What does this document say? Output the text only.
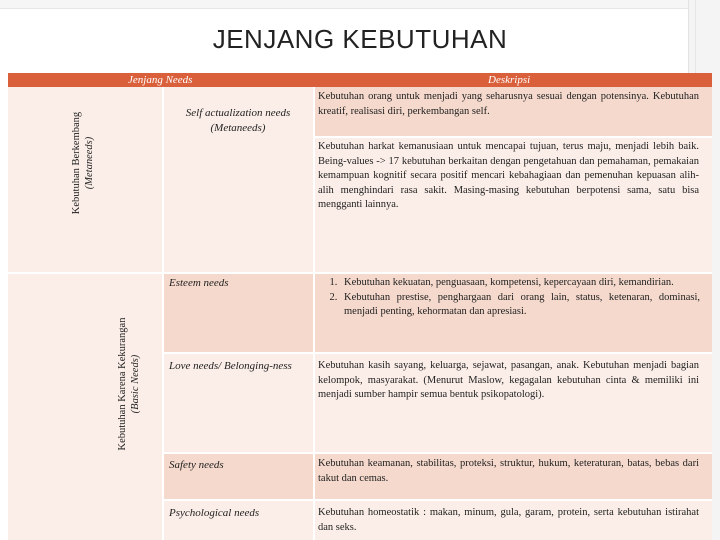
JENJANG KEBUTUHAN
Jenjang Needs	Deskripsi
Kebutuhan Berkembang (Metaneeds)
Kebutuhan Karena Kekurangan (Basic Needs)
Self actualization needs (Metaneeds)
Esteem needs
Love needs/ Belonging-ness
Safety needs
Psychological needs
Kebutuhan orang untuk menjadi yang seharusnya sesuai dengan potensinya. Kebutuhan kreatif, realisasi diri, perkembangan self.
Kebutuhan harkat kemanusiaan untuk mencapai tujuan, terus maju, menjadi lebih baik. Being-values -> 17 kebutuhan berkaitan dengan pengetahuan dan pemahaman, pemakaian kemampuan kognitif secara positif mencari kebahagiaan dan pemenuhan kepuasan alih-alih menghindari rasa sakit. Masing-masing kebutuhan berpotensi sama, satu bisa mengganti lainnya.
1. Kebutuhan kekuatan, penguasaan, kompetensi, kepercayaan diri, kemandirian.
2. Kebutuhan prestise, penghargaan dari orang lain, status, ketenaran, dominasi, menjadi penting, kehormatan dan apresiasi.
Kebutuhan kasih sayang, keluarga, sejawat, pasangan, anak. Kebutuhan menjadi bagian kelompok, masyarakat. (Menurut Maslow, kegagalan kebutuhan cinta & memiliki ini menjadi sumber hampir semua bentuk psikopatologi).
Kebutuhan keamanan, stabilitas, proteksi, struktur, hukum, keteraturan, batas, bebas dari takut dan cemas.
Kebutuhan homeostatik : makan, minum, gula, garam, protein, serta kebutuhan istirahat dan seks.
